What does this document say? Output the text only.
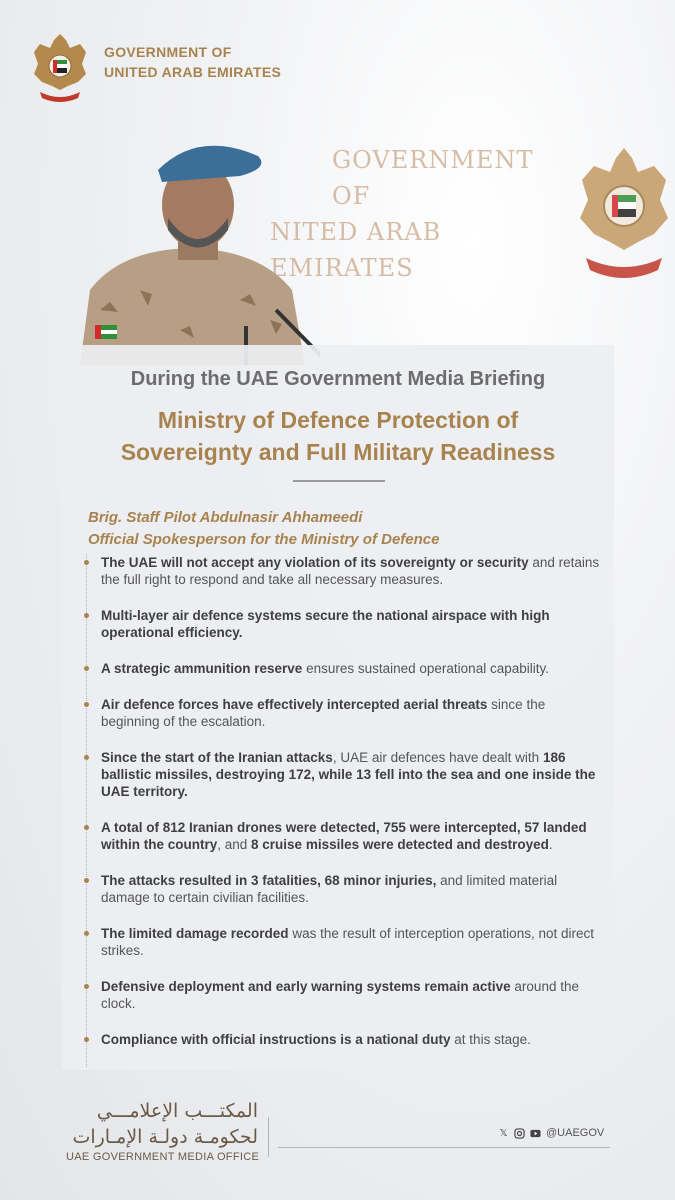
GOVERNMENT OF
UNITED ARAB EMIRATES
GOVERNMENT OF
NITED ARAB EMIRATES
During the UAE Government Media Briefing
Ministry of Defence Protection of
Sovereignty and Full Military Readiness
Brig. Staff Pilot Abdulnasir Ahhameedi
Official Spokesperson for the Ministry of Defence
The UAE will not accept any violation of its sovereignty or security and retains the full right to respond and take all necessary measures.
Multi-layer air defence systems secure the national airspace with high operational efficiency.
A strategic ammunition reserve ensures sustained operational capability.
Air defence forces have effectively intercepted aerial threats since the beginning of the escalation.
Since the start of the Iranian attacks, UAE air defences have dealt with 186 ballistic missiles, destroying 172, while 13 fell into the sea and one inside the UAE territory.
A total of 812 Iranian drones were detected, 755 were intercepted, 57 landed within the country, and 8 cruise missiles were detected and destroyed.
The attacks resulted in 3 fatalities, 68 minor injuries, and limited material damage to certain civilian facilities.
The limited damage recorded was the result of interception operations, not direct strikes.
Defensive deployment and early warning systems remain active around the clock.
Compliance with official instructions is a national duty at this stage.
المكتـــب الإعلامـــي
لحكومـة دولـة الإمـارات
UAE GOVERNMENT MEDIA OFFICE
𝕏	@UAEGOV
